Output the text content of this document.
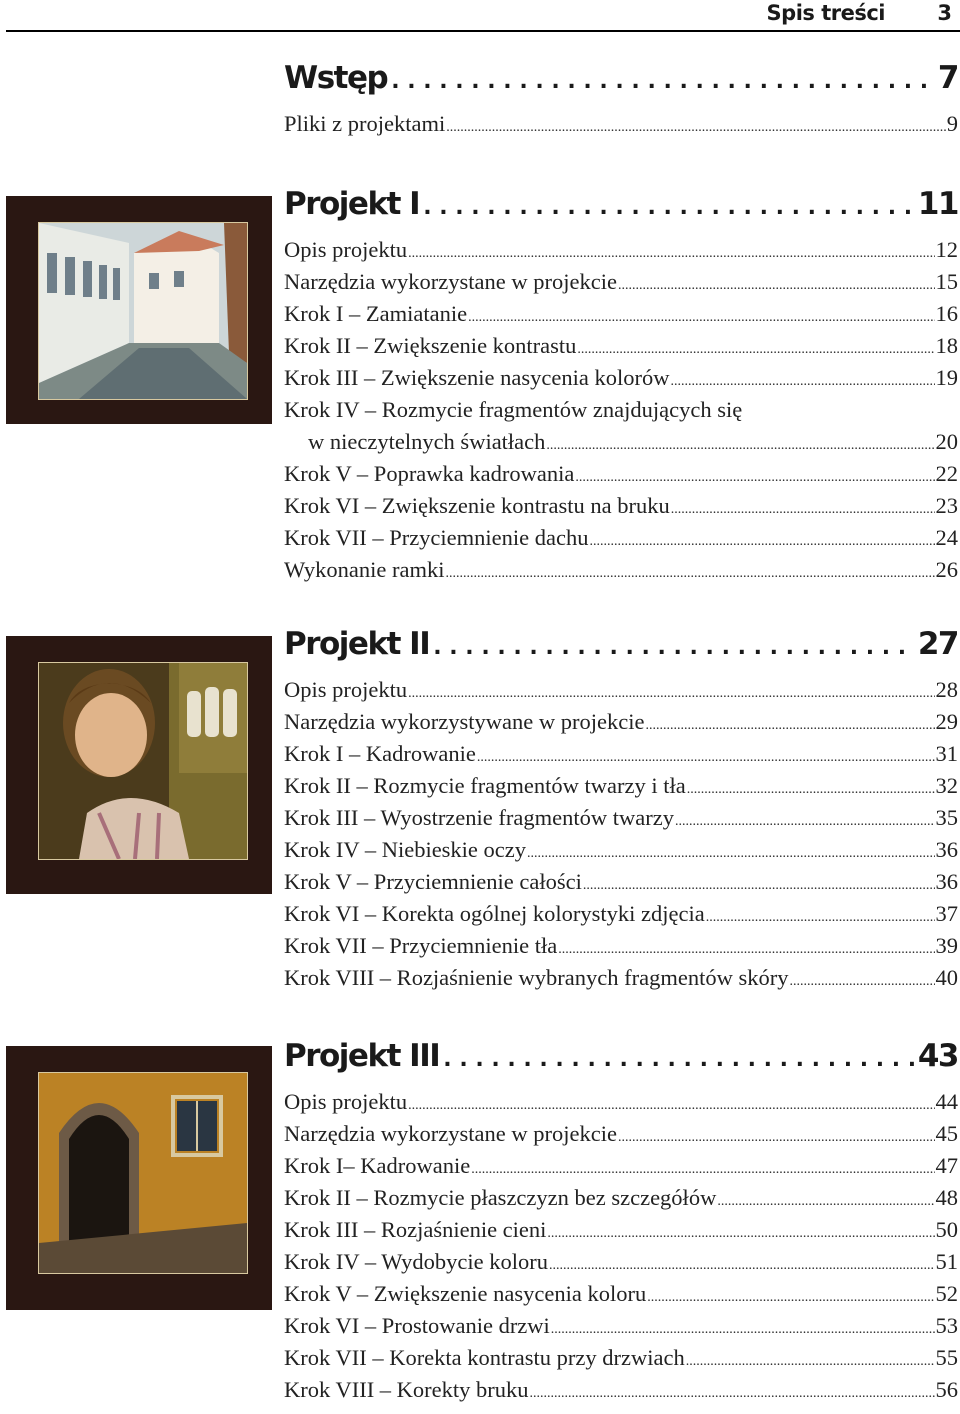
Spis treści 3
Wstęp . . .	7
Pliki z projektami .....	9
Projekt I . . .	11
Opis projektu .....	12
Narzędzia wykorzystane w projekcie .....	15
Krok I – Zamiatanie .....	16
Krok II – Zwiększenie kontrastu .....	18
Krok III – Zwiększenie nasycenia kolorów .....	19
Krok IV – Rozmycie fragmentów znajdujących się
w nieczytelnych światłach .....	20
Krok V – Poprawka kadrowania .....	22
Krok VI – Zwiększenie kontrastu na bruku .....	23
Krok VII – Przyciemnienie dachu .....	24
Wykonanie ramki .....	26
Projekt II . . .	27
Opis projektu .....	28
Narzędzia wykorzystywane w projekcie .....	29
Krok I – Kadrowanie .....	31
Krok II – Rozmycie fragmentów twarzy i tła .....	32
Krok III – Wyostrzenie fragmentów twarzy .....	35
Krok IV – Niebieskie oczy .....	36
Krok V – Przyciemnienie całości .....	36
Krok VI – Korekta ogólnej kolorystyki zdjęcia .....	37
Krok VII – Przyciemnienie tła .....	39
Krok VIII – Rozjaśnienie wybranych fragmentów skóry .....	40
Projekt III . . .	43
Opis projektu .....	44
Narzędzia wykorzystane w projekcie .....	45
Krok I– Kadrowanie .....	47
Krok II – Rozmycie płaszczyzn bez szczegółów .....	48
Krok III – Rozjaśnienie cieni .....	50
Krok IV – Wydobycie koloru .....	51
Krok V – Zwiększenie nasycenia koloru .....	52
Krok VI – Prostowanie drzwi .....	53
Krok VII – Korekta kontrastu przy drzwiach .....	55
Krok VIII – Korekty bruku .....	56
